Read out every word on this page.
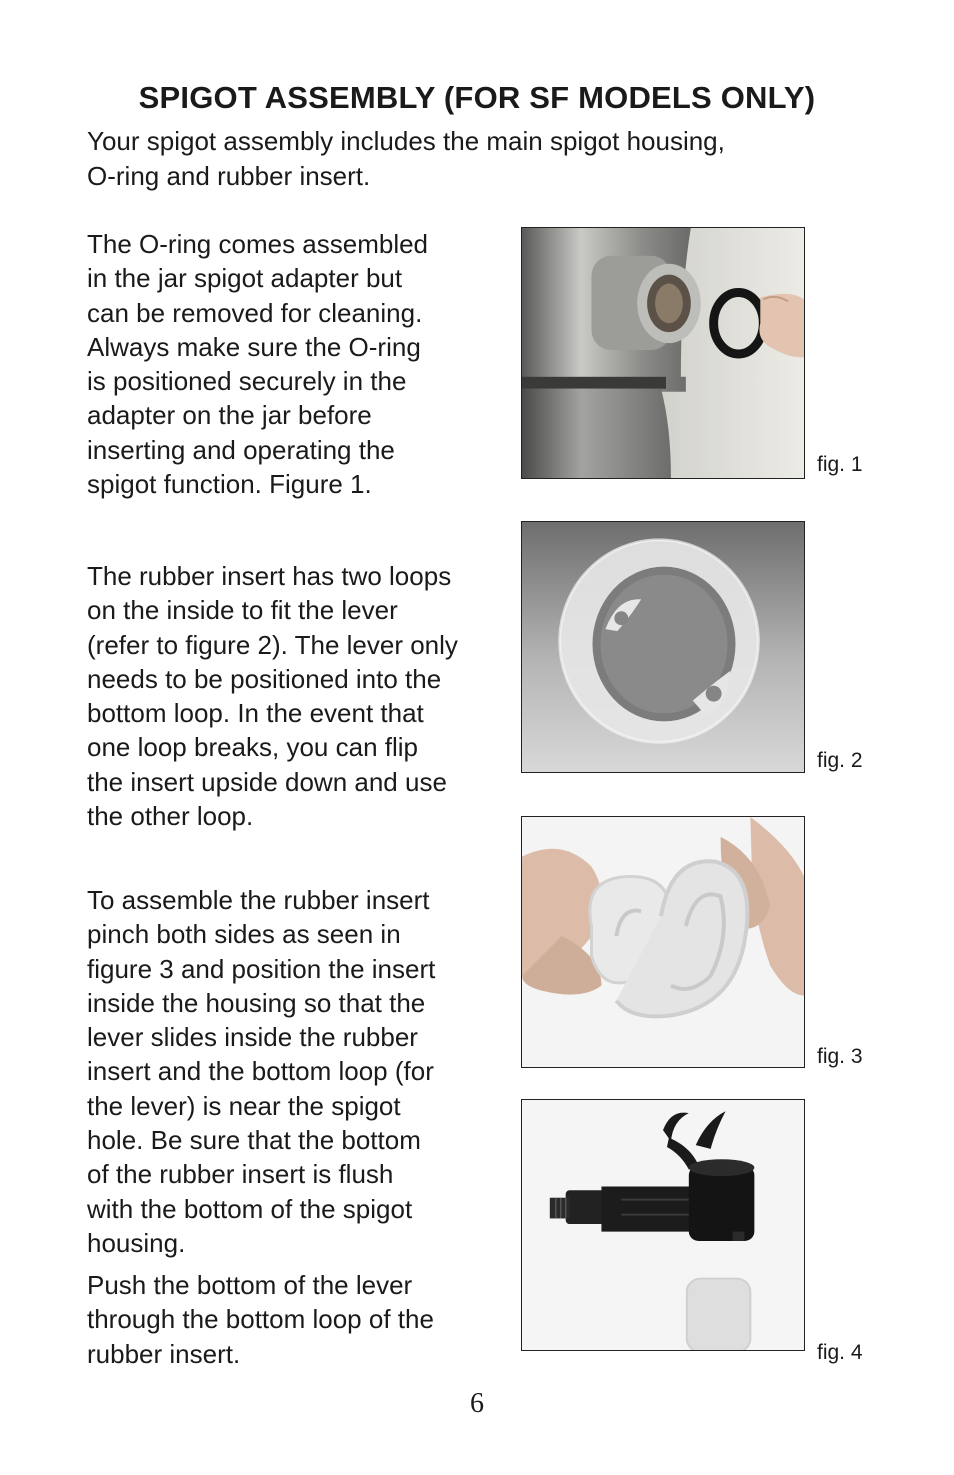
SPIGOT ASSEMBLY (FOR SF MODELS ONLY)
Your spigot assembly includes the main spigot housing,
O-ring and rubber insert.
The O-ring comes assembled
in the jar spigot adapter but
can be removed for cleaning.
Always make sure the O-ring
is positioned securely in the
adapter on the jar before
inserting and operating the
spigot function. Figure 1.
The rubber insert has two loops
on the inside to fit the lever
(refer to figure 2). The lever only
needs to be positioned into the
bottom loop. In the event that
one loop breaks, you can flip
the insert upside down and use
the other loop.
To assemble the rubber insert
pinch both sides as seen in
figure 3 and position the insert
inside the housing so that the
lever slides inside the rubber
insert and the bottom loop (for
the lever) is near the spigot
hole. Be sure that the bottom
of the rubber insert is flush
with the bottom of the spigot
housing.
Push the bottom of the lever
through the bottom loop of the
rubber insert.
fig. 1
fig. 2
fig. 3
fig. 4
6
